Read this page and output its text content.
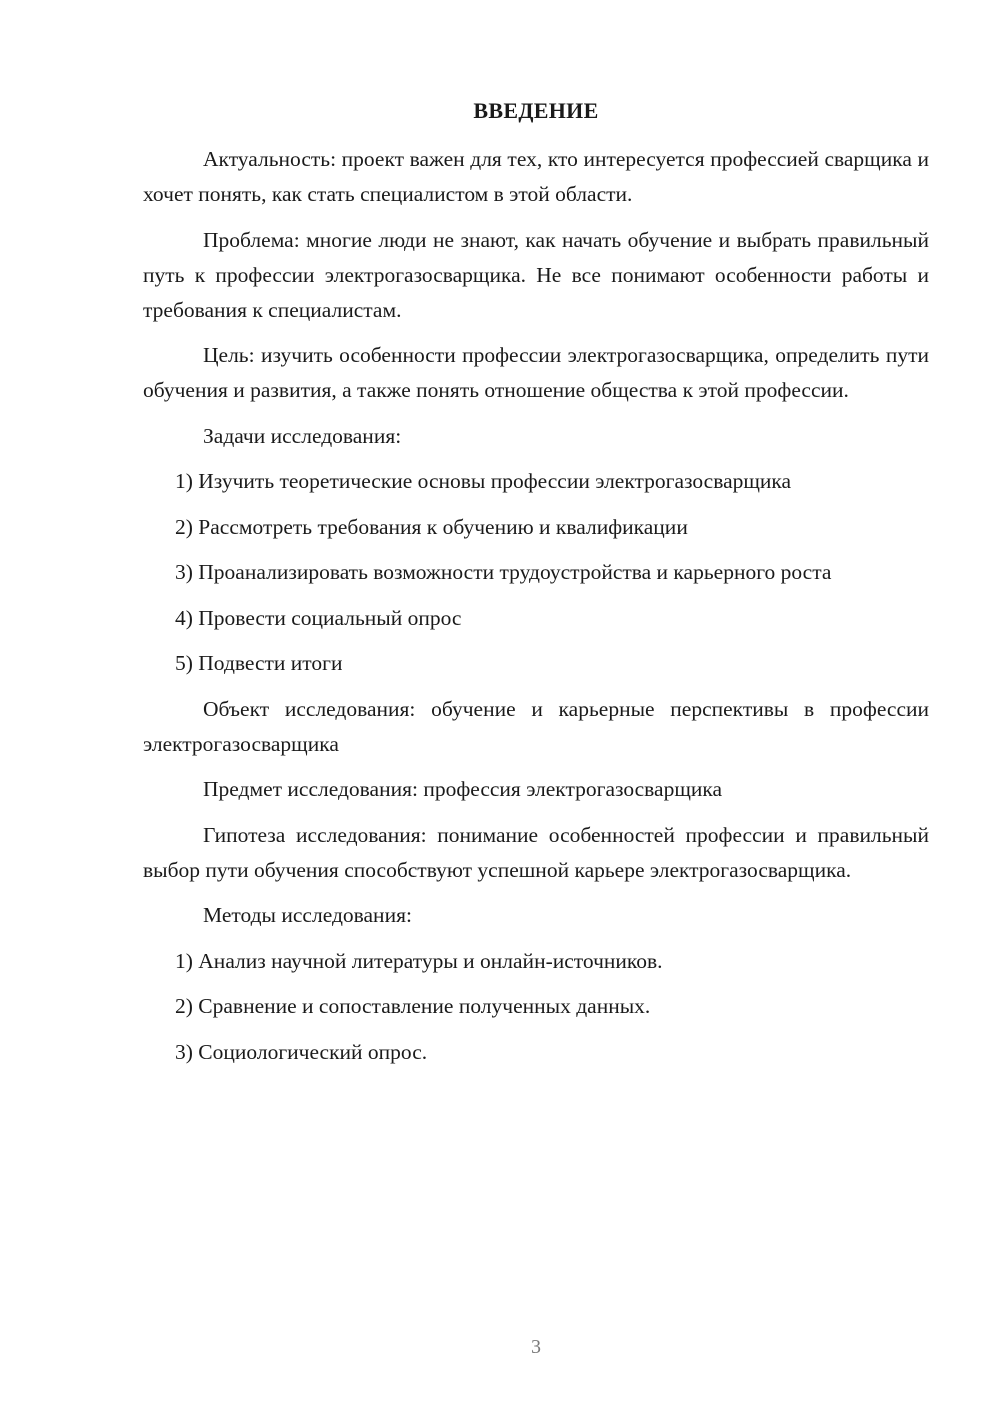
ВВЕДЕНИЕ

Актуальность: проект важен для тех, кто интересуется профессией сварщика и хочет понять, как стать специалистом в этой области.

Проблема: многие люди не знают, как начать обучение и выбрать правильный путь к профессии электрогазосварщика. Не все понимают особенности работы и требования к специалистам.

Цель: изучить особенности профессии электрогазосварщика, определить пути обучения и развития, а также понять отношение общества к этой профессии.

Задачи исследования:

1) Изучить теоретические основы профессии электрогазосварщика

2) Рассмотреть требования к обучению и квалификации

3) Проанализировать возможности трудоустройства и карьерного роста

4) Провести социальный опрос

5) Подвести итоги

Объект исследования: обучение и карьерные перспективы в профессии электрогазосварщика

Предмет исследования: профессия электрогазосварщика

Гипотеза исследования: понимание особенностей профессии и правильный выбор пути обучения способствуют успешной карьере электрогазосварщика.

Методы исследования:

1) Анализ научной литературы и онлайн-источников.

2) Сравнение и сопоставление полученных данных.

3) Социологический опрос.

3
